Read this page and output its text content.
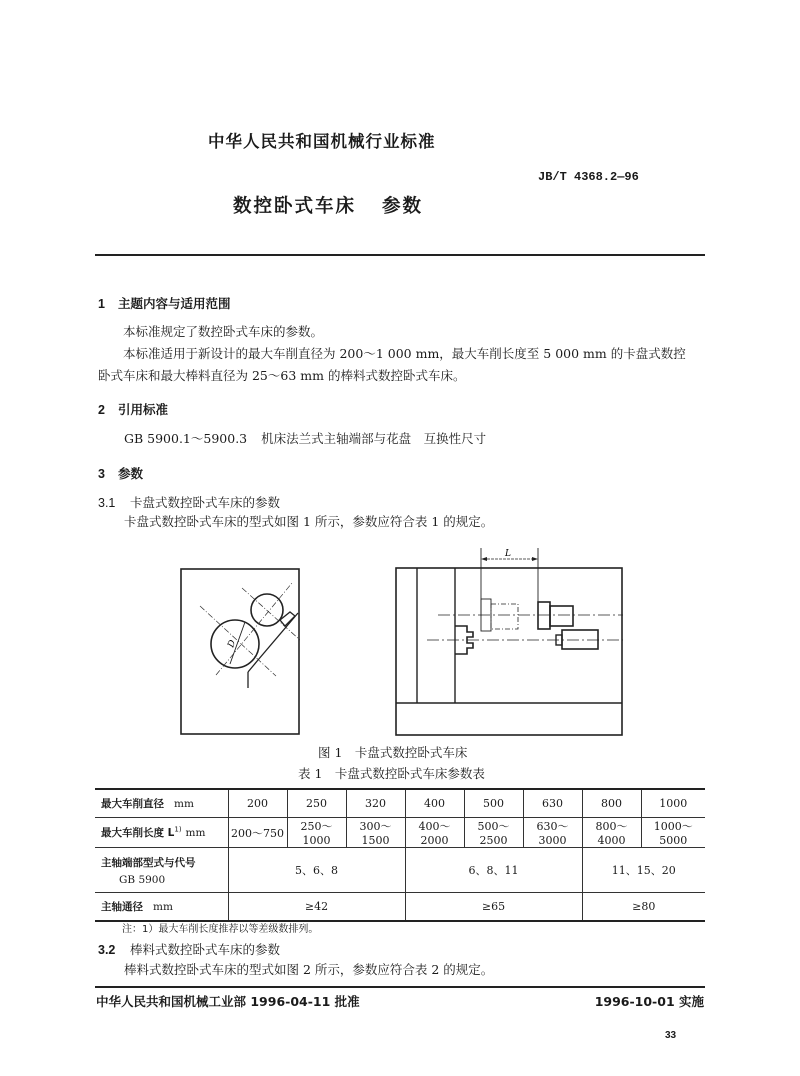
中华人民共和国机械行业标准
JB/T 4368.2—96
数控卧式车床 参数
1 主题内容与适用范围
本标准规定了数控卧式车床的参数。
本标准适用于新设计的最大车削直径为 200～1 000 mm，最大车削长度至 5 000 mm 的卡盘式数控
卧式车床和最大棒料直径为 25～63 mm 的棒料式数控卧式车床。
2 引用标准
GB 5900.1～5900.3 机床法兰式主轴端部与花盘　互换性尺寸
3 参数
3.1 卡盘式数控卧式车床的参数
卡盘式数控卧式车床的型式如图 1 所示，参数应符合表 1 的规定。
D
L
图 1　卡盘式数控卧式车床
表 1　卡盘式数控卧式车床参数表
最大车削直径 mm	200	250	320	400	500	630	800	1000
最大车削长度 $L^{1)}$ mm	200～750	250～1000	300～1500	400～2000	500～2500	630～3000	800～4000	1000～5000
主轴端部型式与代号
GB 5900	5、6、8			6、8、11			11、15、20	
主轴通径 mm	≥42			≥65			≥80	
注：1）最大车削长度推荐以等差级数排列。
3.2 棒料式数控卧式车床的参数
棒料式数控卧式车床的型式如图 2 所示，参数应符合表 2 的规定。
中华人民共和国机械工业部 1996-04-11 批准	1996-10-01 实施
33
